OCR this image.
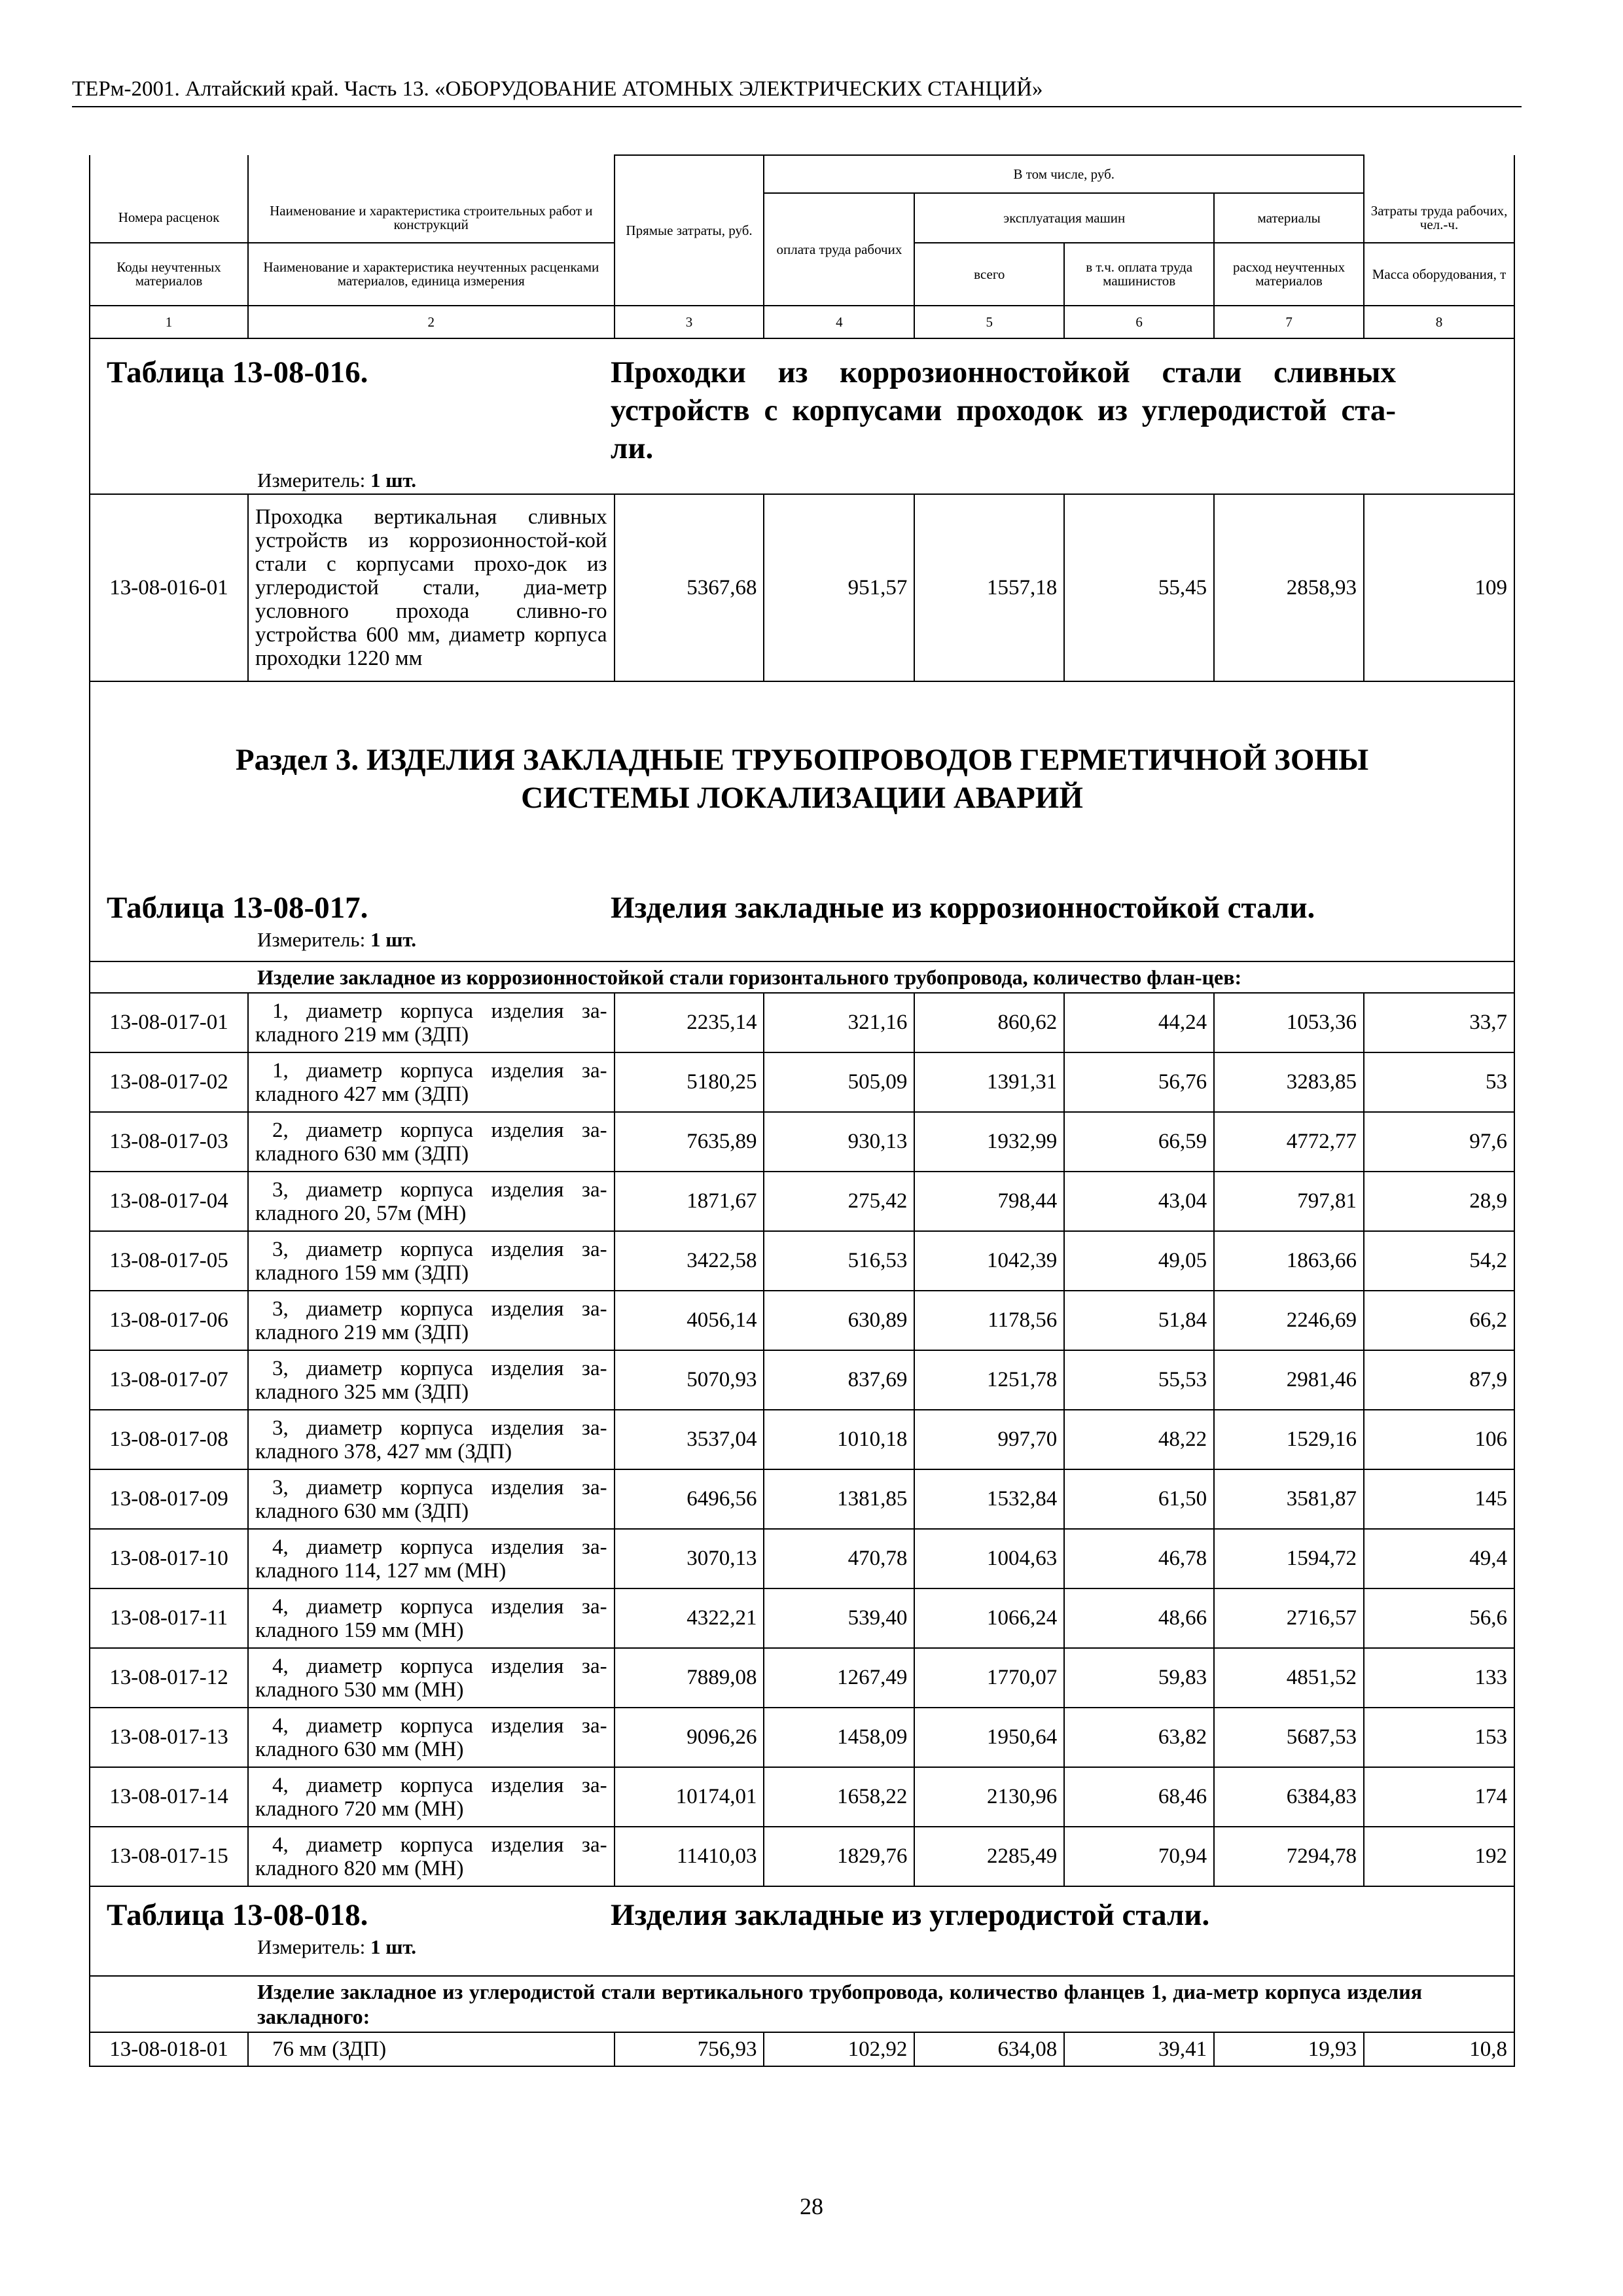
ТЕРм-2001. Алтайский край. Часть 13. «ОБОРУДОВАНИЕ АТОМНЫХ ЭЛЕКТРИЧЕСКИХ СТАНЦИЙ»
		Прямые затраты, руб.	В том числе, руб.				
Номера расценок	Наименование и характеристика строительных работ и конструкций		оплата труда рабочих	эксплуатация машин		материалы	Затраты труда рабочих, чел.-ч.
Коды неучтенных материалов	Наименование и характеристика неучтенных расценками материалов, единица измерения			всего	в т.ч. оплата труда машинистов	расход неучтенных материалов	Масса оборудования, т
1	2	3	4	5	6	7	8

Таблица 13-08-016. Проходки из коррозионностойкой стали сливных устройств с корпусами проходок из углеродистой ста-ли.
Измеритель: 1 шт.							

13-08-016-01	Проходка вертикальная сливных устройств из коррозионностой-кой стали с корпусами прохо-док из углеродистой стали, диа-метр условного прохода сливно-го устройства 600 мм, диаметр корпуса проходки 1220 мм	5367,68	951,57	1557,18	55,45	2858,93	109

Раздел 3. ИЗДЕЛИЯ ЗАКЛАДНЫЕ ТРУБОПРОВОДОВ ГЕРМЕТИЧНОЙ ЗОНЫ
СИСТЕМЫ ЛОКАЛИЗАЦИИ АВАРИЙ							

Таблица 13-08-017. Изделия закладные из коррозионностойкой стали.
Измеритель: 1 шт.							

Изделие закладное из коррозионностойкой стали горизонтального трубопровода, количество флан-цев:							
13-08-017-01	1, диаметр корпуса изделия за-кладного 219 мм (ЗДП)	2235,14	321,16	860,62	44,24	1053,36	33,7
13-08-017-02	1, диаметр корпуса изделия за-кладного 427 мм (ЗДП)	5180,25	505,09	1391,31	56,76	3283,85	53
13-08-017-03	2, диаметр корпуса изделия за-кладного 630 мм (ЗДП)	7635,89	930,13	1932,99	66,59	4772,77	97,6
13-08-017-04	3, диаметр корпуса изделия за-кладного 20, 57м (МН)	1871,67	275,42	798,44	43,04	797,81	28,9
13-08-017-05	3, диаметр корпуса изделия за-кладного 159 мм (ЗДП)	3422,58	516,53	1042,39	49,05	1863,66	54,2
13-08-017-06	3, диаметр корпуса изделия за-кладного 219 мм (ЗДП)	4056,14	630,89	1178,56	51,84	2246,69	66,2
13-08-017-07	3, диаметр корпуса изделия за-кладного 325 мм (ЗДП)	5070,93	837,69	1251,78	55,53	2981,46	87,9
13-08-017-08	3, диаметр корпуса изделия за-кладного 378, 427 мм (ЗДП)	3537,04	1010,18	997,70	48,22	1529,16	106
13-08-017-09	3, диаметр корпуса изделия за-кладного 630 мм (ЗДП)	6496,56	1381,85	1532,84	61,50	3581,87	145
13-08-017-10	4, диаметр корпуса изделия за-кладного 114, 127 мм (МН)	3070,13	470,78	1004,63	46,78	1594,72	49,4
13-08-017-11	4, диаметр корпуса изделия за-кладного 159 мм (МН)	4322,21	539,40	1066,24	48,66	2716,57	56,6
13-08-017-12	4, диаметр корпуса изделия за-кладного 530 мм (МН)	7889,08	1267,49	1770,07	59,83	4851,52	133
13-08-017-13	4, диаметр корпуса изделия за-кладного 630 мм (МН)	9096,26	1458,09	1950,64	63,82	5687,53	153
13-08-017-14	4, диаметр корпуса изделия за-кладного 720 мм (МН)	10174,01	1658,22	2130,96	68,46	6384,83	174
13-08-017-15	4, диаметр корпуса изделия за-кладного 820 мм (МН)	11410,03	1829,76	2285,49	70,94	7294,78	192

Таблица 13-08-018. Изделия закладные из углеродистой стали.
Измеритель: 1 шт.							

Изделие закладное из углеродистой стали вертикального трубопровода, количество фланцев 1, диа-метр корпуса изделия закладного:							
13-08-018-01	76 мм (ЗДП)	756,93	102,92	634,08	39,41	19,93	10,8
28
